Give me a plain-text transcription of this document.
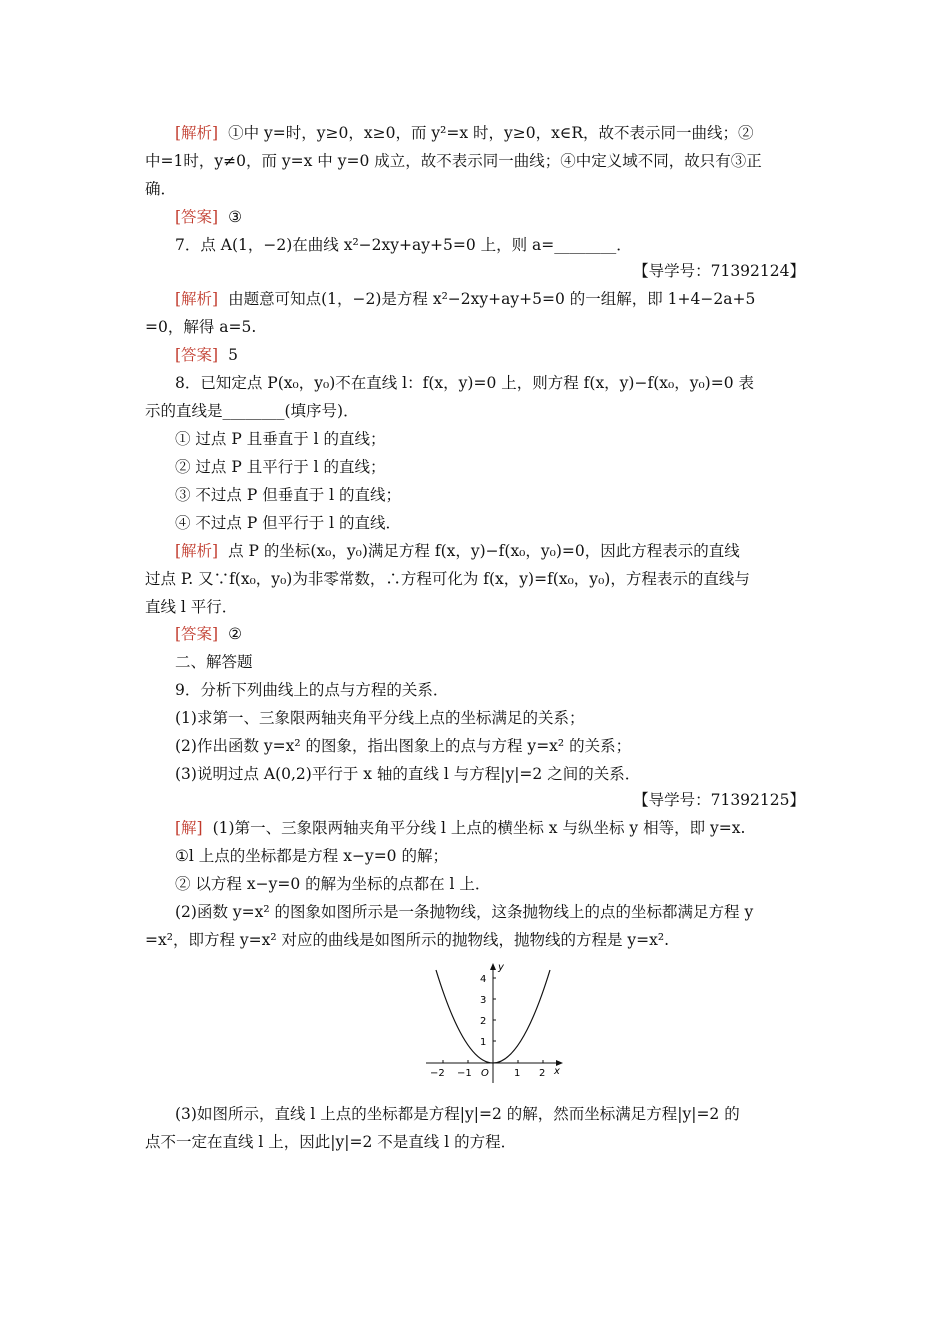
[解析] ①中 y=时，y≥0，x≥0，而 y²=x 时，y≥0，x∈R，故不表示同一曲线；②
中=1时，y≠0，而 y=x 中 y=0 成立，故不表示同一曲线；④中定义域不同，故只有③正
确．
[答案] ③
7．点 A(1，−2)在曲线 x²−2xy+ay+5=0 上，则 a=________．
【导学号：71392124】
[解析] 由题意可知点(1，−2)是方程 x²−2xy+ay+5=0 的一组解，即 1+4−2a+5
=0，解得 a=5.
[答案] 5
8．已知定点 P(x₀，y₀)不在直线 l：f(x，y)=0 上，则方程 f(x，y)−f(x₀，y₀)=0 表
示的直线是________(填序号)．
① 过点 P 且垂直于 l 的直线；
② 过点 P 且平行于 l 的直线；
③ 不过点 P 但垂直于 l 的直线；
④ 不过点 P 但平行于 l 的直线．
[解析] 点 P 的坐标(x₀，y₀)满足方程 f(x，y)−f(x₀，y₀)=0，因此方程表示的直线
过点 P. 又∵f(x₀，y₀)为非零常数，∴方程可化为 f(x，y)=f(x₀，y₀)，方程表示的直线与
直线 l 平行．
[答案] ②
二、解答题
9．分析下列曲线上的点与方程的关系．
(1)求第一、三象限两轴夹角平分线上点的坐标满足的关系；
(2)作出函数 y=x² 的图象，指出图象上的点与方程 y=x² 的关系；
(3)说明过点 A(0,2)平行于 x 轴的直线 l 与方程|y|=2 之间的关系．
【导学号：71392125】
[解] (1)第一、三象限两轴夹角平分线 l 上点的横坐标 x 与纵坐标 y 相等，即 y=x.
①l 上点的坐标都是方程 x−y=0 的解；
② 以方程 x−y=0 的解为坐标的点都在 l 上．
(2)函数 y=x² 的图象如图所示是一条抛物线，这条抛物线上的点的坐标都满足方程 y
=x²，即方程 y=x² 对应的曲线是如图所示的抛物线，抛物线的方程是 y=x².
y
x
O
4
3
2
1
−2 −1	1 2
(3)如图所示，直线 l 上点的坐标都是方程|y|=2 的解，然而坐标满足方程|y|=2 的
点不一定在直线 l 上，因此|y|=2 不是直线 l 的方程．
